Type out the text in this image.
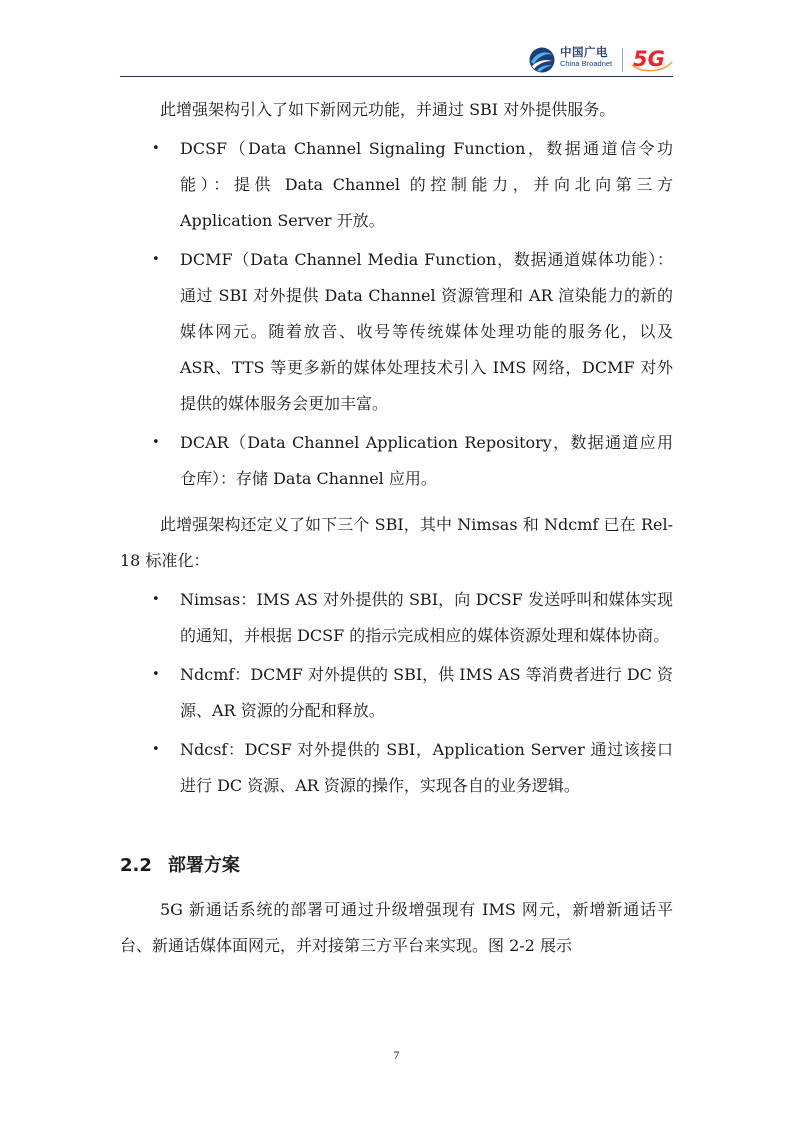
中国广电
China Broadnet 5G

此增强架构引入了如下新网元功能，并通过 SBI 对外提供服务。

• DCSF（Data Channel Signaling Function，数据通道信令功能）：提供 Data Channel 的控制能力，并向北向第三方 Application Server 开放。
• DCMF（Data Channel Media Function，数据通道媒体功能）：通过 SBI 对外提供 Data Channel 资源管理和 AR 渲染能力的新的媒体网元。随着放音、收号等传统媒体处理功能的服务化，以及 ASR、TTS 等更多新的媒体处理技术引入 IMS 网络，DCMF 对外提供的媒体服务会更加丰富。
• DCAR（Data Channel Application Repository，数据通道应用仓库）：存储 Data Channel 应用。

此增强架构还定义了如下三个 SBI，其中 Nimsas 和 Ndcmf 已在 Rel-18 标准化：

• Nimsas：IMS AS 对外提供的 SBI，向 DCSF 发送呼叫和媒体实现的通知，并根据 DCSF 的指示完成相应的媒体资源处理和媒体协商。
• Ndcmf：DCMF 对外提供的 SBI，供 IMS AS 等消费者进行 DC 资源、AR 资源的分配和释放。
• Ndcsf：DCSF 对外提供的 SBI，Application Server 通过该接口进行 DC 资源、AR 资源的操作，实现各自的业务逻辑。
2.2 部署方案

5G 新通话系统的部署可通过升级增强现有 IMS 网元，新增新通话平台、新通话媒体面网元，并对接第三方平台来实现。图 2-2 展示

7
